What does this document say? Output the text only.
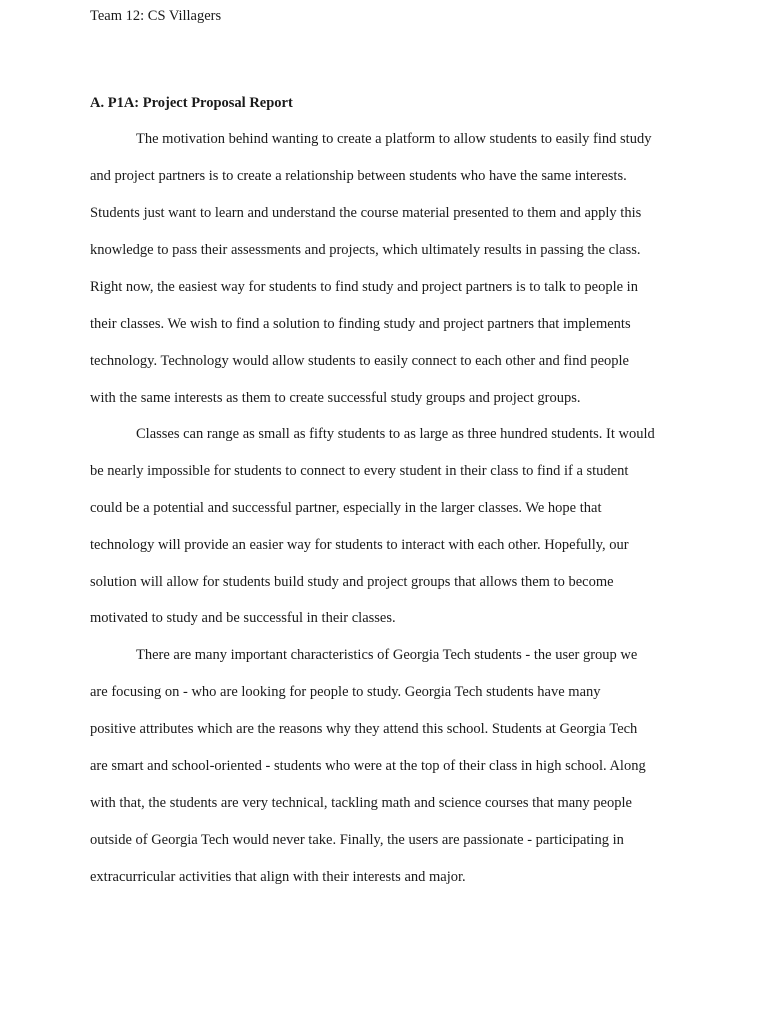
Team 12: CS Villagers
A. P1A: Project Proposal Report
The motivation behind wanting to create a platform to allow students to easily find study
and project partners is to create a relationship between students who have the same interests.
Students just want to learn and understand the course material presented to them and apply this
knowledge to pass their assessments and projects, which ultimately results in passing the class.
Right now, the easiest way for students to find study and project partners is to talk to people in
their classes. We wish to find a solution to finding study and project partners that implements
technology. Technology would allow students to easily connect to each other and find people
with the same interests as them to create successful study groups and project groups.
Classes can range as small as fifty students to as large as three hundred students. It would
be nearly impossible for students to connect to every student in their class to find if a student
could be a potential and successful partner, especially in the larger classes. We hope that
technology will provide an easier way for students to interact with each other. Hopefully, our
solution will allow for students build study and project groups that allows them to become
motivated to study and be successful in their classes.
There are many important characteristics of Georgia Tech students - the user group we
are focusing on - who are looking for people to study. Georgia Tech students have many
positive attributes which are the reasons why they attend this school. Students at Georgia Tech
are smart and school-oriented - students who were at the top of their class in high school. Along
with that, the students are very technical, tackling math and science courses that many people
outside of Georgia Tech would never take. Finally, the users are passionate - participating in
extracurricular activities that align with their interests and major.
